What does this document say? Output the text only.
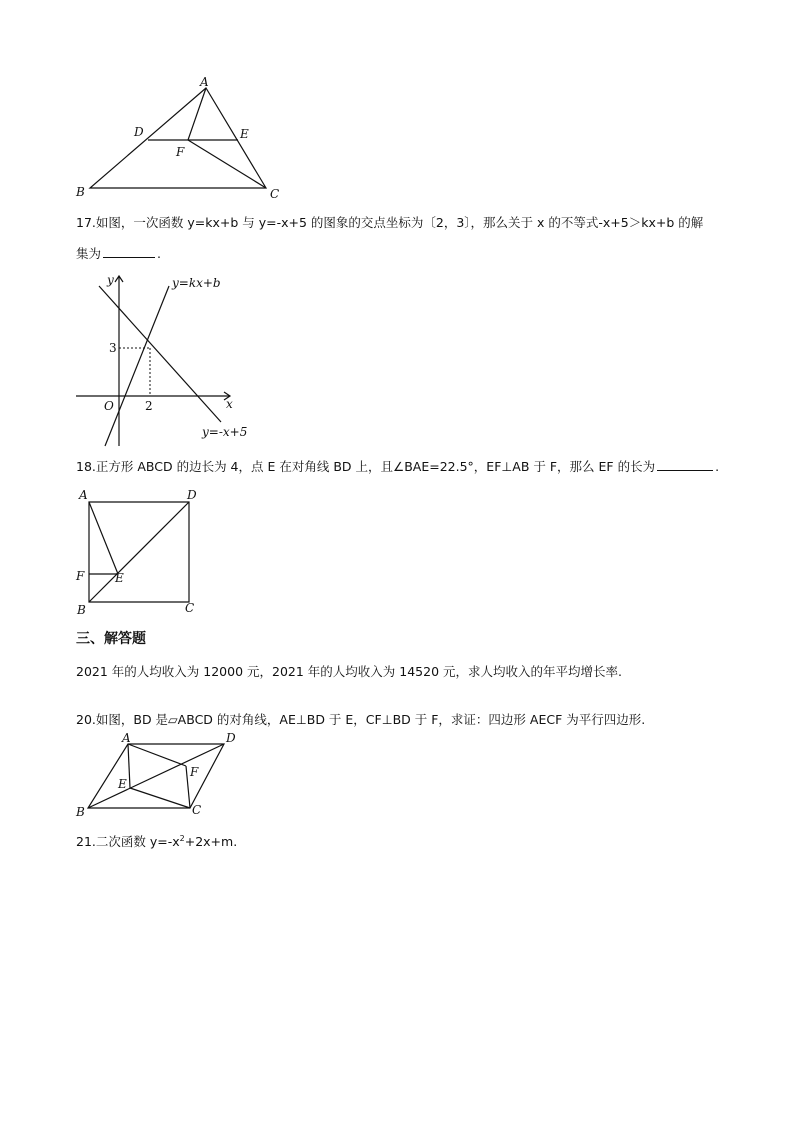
A
B	C
D	E
F
17.如图，一次函数 y=kx+b 与 y=-x+5 的图象的交点坐标为〔2，3〕，那么关于 x 的不等式-x+5＞kx+b 的解
集为	.
y
x
O	2
3
y=kx+b
y=-x+5
18.正方形 ABCD 的边长为 4，点 E 在对角线 BD 上，且∠BAE=22.5°，EF⊥AB 于 F，那么 EF 的长为	.
A	D
B	C
F	E
三、解答题
2021 年的人均收入为 12000 元，2021 年的人均收入为 14520 元，求人均收入的年平均增长率.
20.如图，BD 是▱ABCD 的对角线，AE⊥BD 于 E，CF⊥BD 于 F，求证：四边形 AECF 为平行四边形.
A	D
B	C
E
F
21.二次函数 $y=-x^2+2x+m$.
